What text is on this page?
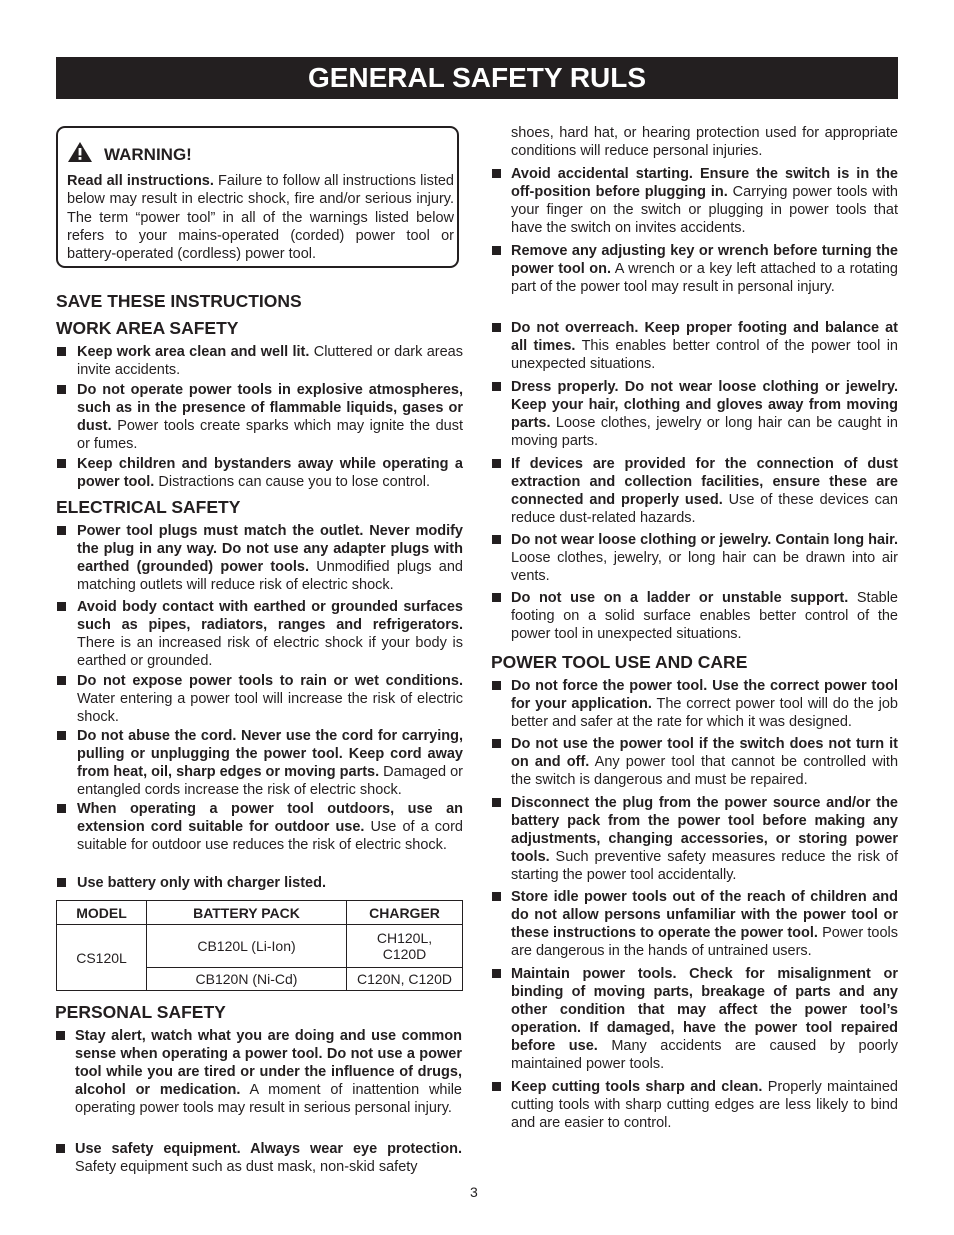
GENERAL SAFETY RULS
WARNING!
Read all instructions. Failure to follow all instructions listed below may result in electric shock, fire and/or serious injury. The term “power tool” in all of the warnings listed below refers to your mains-operated (corded) power tool or battery-operated (cordless) power tool.
SAVE THESE INSTRUCTIONS
WORK AREA SAFETY
Keep work area clean and well lit. Cluttered or dark areas invite accidents.
Do not operate power tools in explosive atmospheres, such as in the presence of flammable liquids, gases or dust. Power tools create sparks which may ignite the dust or fumes.
Keep children and bystanders away while operating a power tool. Distractions can cause you to lose control.
ELECTRICAL SAFETY
Power tool plugs must match the outlet. Never modify the plug in any way. Do not use any adapter plugs with earthed (grounded) power tools. Unmodified plugs and matching outlets will reduce risk of electric shock.
Avoid body contact with earthed or grounded surfaces such as pipes, radiators, ranges and refrigerators. There is an increased risk of electric shock if your body is earthed or grounded.
Do not expose power tools to rain or wet conditions. Water entering a power tool will increase the risk of electric shock.
Do not abuse the cord. Never use the cord for carrying, pulling or unplugging the power tool. Keep cord away from heat, oil, sharp edges or moving parts. Damaged or entangled cords increase the risk of electric shock.
When operating a power tool outdoors, use an extension cord suitable for outdoor use. Use of a cord suitable for outdoor use reduces the risk of electric shock.
Use battery only with charger listed.
MODEL	BATTERY PACK	CHARGER
CS120L	CB120L (Li-Ion)	CH120L,
C120D
	CB120N (Ni-Cd)	C120N, C120D
PERSONAL SAFETY
Stay alert, watch what you are doing and use common sense when operating a power tool. Do not use a power tool while you are tired or under the influence of drugs, alcohol or medication. A moment of inattention while operating power tools may result in serious personal injury.
Use safety equipment. Always wear eye protection. Safety equipment such as dust mask, non-skid safety
shoes, hard hat, or hearing protection used for appropriate conditions will reduce personal injuries.
Avoid accidental starting. Ensure the switch is in the off-position before plugging in. Carrying power tools with your finger on the switch or plugging in power tools that have the switch on invites accidents.
Remove any adjusting key or wrench before turning the power tool on. A wrench or a key left attached to a rotating part of the power tool may result in personal injury.
Do not overreach. Keep proper footing and balance at all times. This enables better control of the power tool in unexpected situations.
Dress properly. Do not wear loose clothing or jewelry. Keep your hair, clothing and gloves away from moving parts. Loose clothes, jewelry or long hair can be caught in moving parts.
If devices are provided for the connection of dust extraction and collection facilities, ensure these are connected and properly used. Use of these devices can reduce dust-related hazards.
Do not wear loose clothing or jewelry. Contain long hair. Loose clothes, jewelry, or long hair can be drawn into air vents.
Do not use on a ladder or unstable support. Stable footing on a solid surface enables better control of the power tool in unexpected situations.
POWER TOOL USE AND CARE
Do not force the power tool. Use the correct power tool for your application. The correct power tool will do the job better and safer at the rate for which it was designed.
Do not use the power tool if the switch does not turn it on and off. Any power tool that cannot be controlled with the switch is dangerous and must be repaired.
Disconnect the plug from the power source and/or the battery pack from the power tool before making any adjustments, changing accessories, or storing power tools. Such preventive safety measures reduce the risk of starting the power tool accidentally.
Store idle power tools out of the reach of children and do not allow persons unfamiliar with the power tool or these instructions to operate the power tool. Power tools are dangerous in the hands of untrained users.
Maintain power tools. Check for misalignment or binding of moving parts, breakage of parts and any other condition that may affect the power tool’s operation. If damaged, have the power tool repaired before use. Many accidents are caused by poorly maintained power tools.
Keep cutting tools sharp and clean. Properly maintained cutting tools with sharp cutting edges are less likely to bind and are easier to control.
3
